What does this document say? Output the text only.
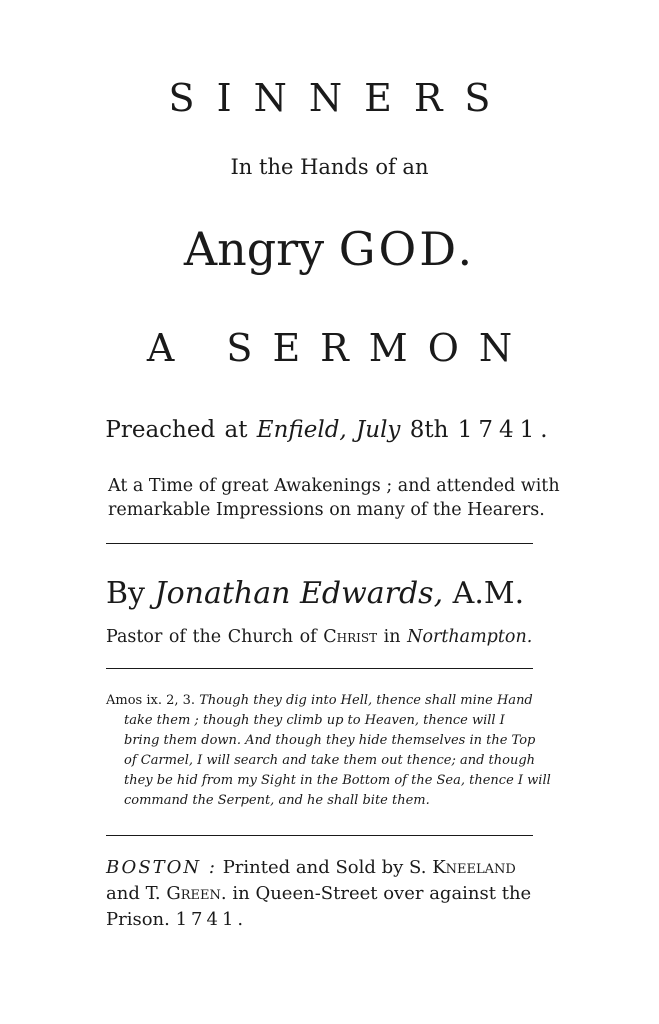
SINNERS
In the Hands of an
Angry GOD.
A SERMON
Preached at Enfield, July 8th 1741.
At a Time of great Awakenings ; and attended with
remarkable Impressions on many of the Hearers.
By Jonathan Edwards, A.M.
Pastor of the Church of Christ in Northampton.
Amos ix. 2, 3. Though they dig into Hell, thence shall mine Hand
take them ; though they climb up to Heaven, thence will I
bring them down. And though they hide themselves in the Top
of Carmel, I will search and take them out thence; and though
they be hid from my Sight in the Bottom of the Sea, thence I will
command the Serpent, and he shall bite them.
BOSTON : Printed and Sold by S. Kneeland
and T. Green. in Queen-Street over against the
Prison. 1741.
